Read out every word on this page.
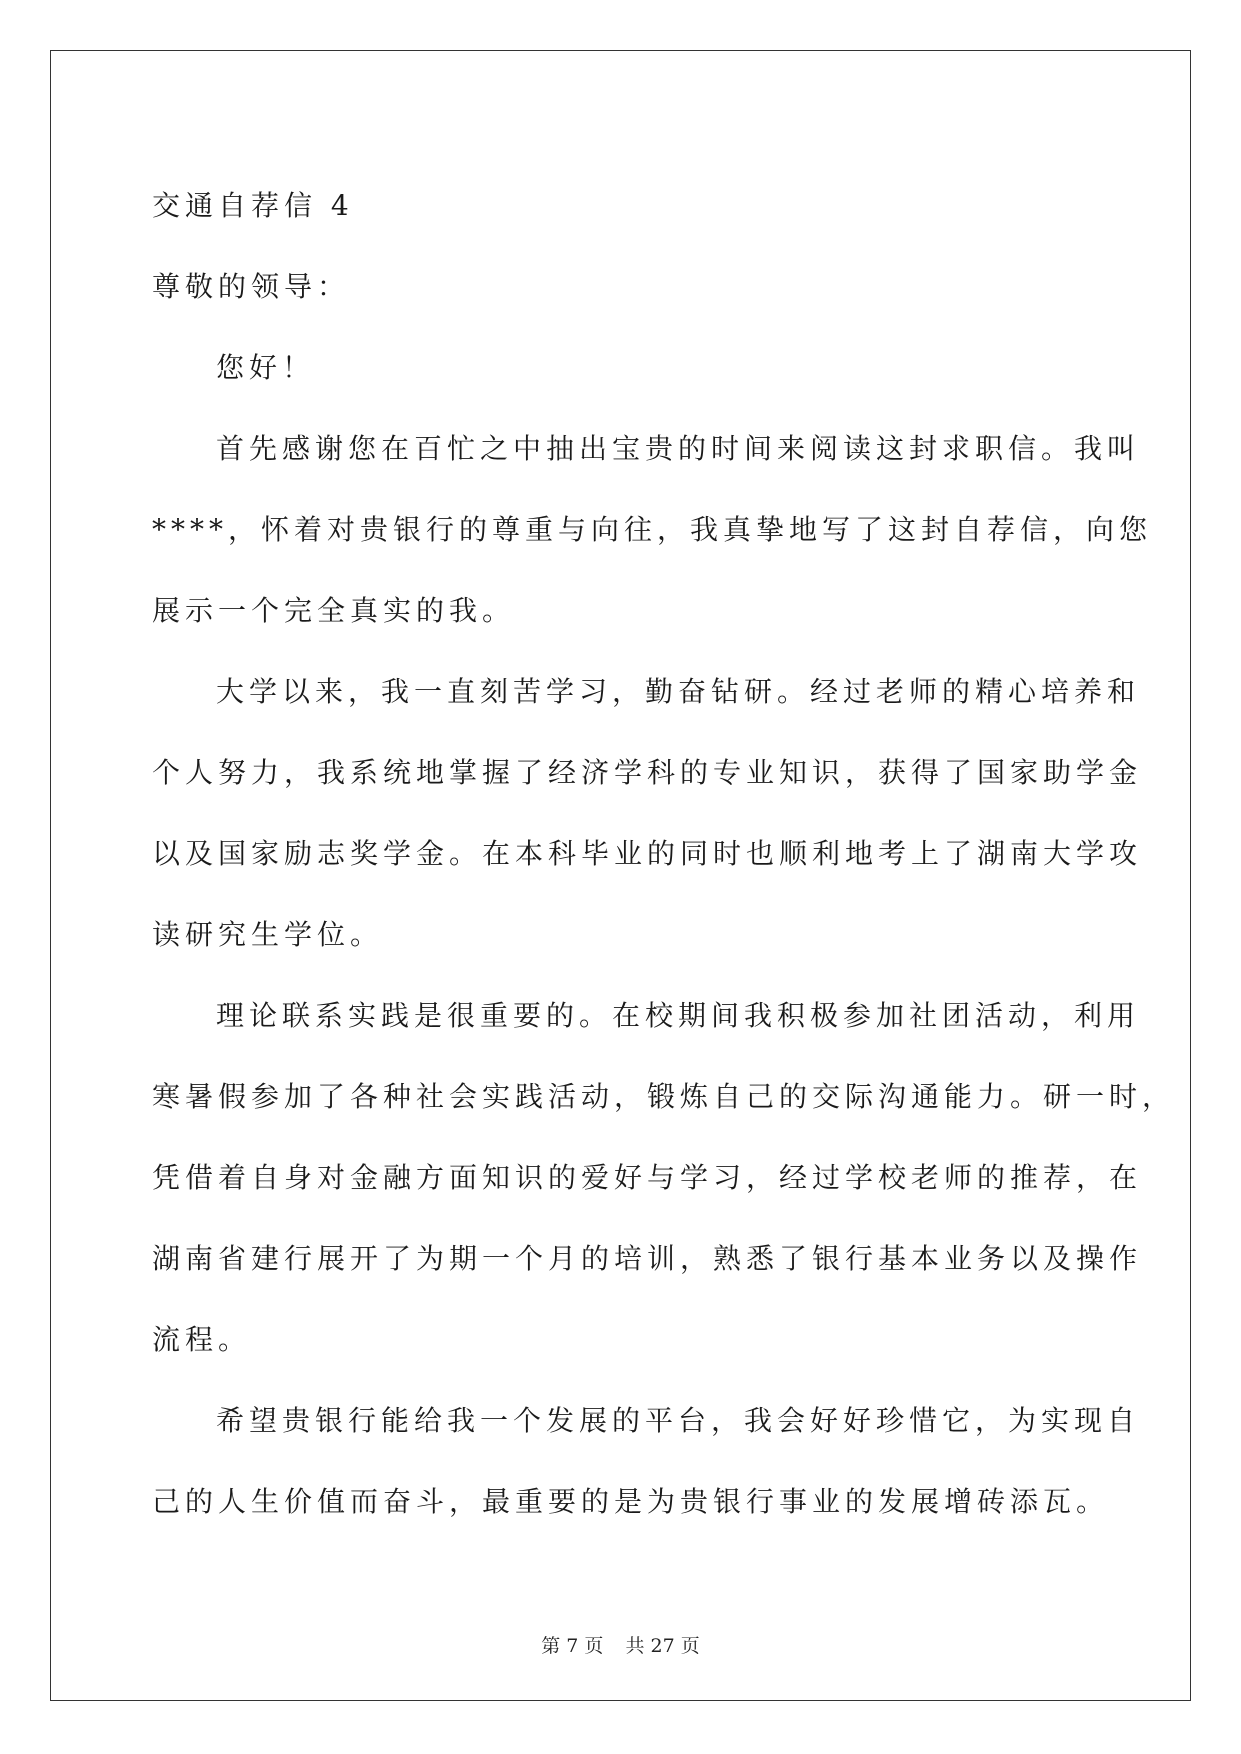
交通自荐信 4

尊敬的领导：

您好！

首先感谢您在百忙之中抽出宝贵的时间来阅读这封求职信。我叫

****，怀着对贵银行的尊重与向往，我真挚地写了这封自荐信，向您

展示一个完全真实的我。

大学以来，我一直刻苦学习，勤奋钻研。经过老师的精心培养和

个人努力，我系统地掌握了经济学科的专业知识，获得了国家助学金

以及国家励志奖学金。在本科毕业的同时也顺利地考上了湖南大学攻

读研究生学位。

理论联系实践是很重要的。在校期间我积极参加社团活动，利用

寒暑假参加了各种社会实践活动，锻炼自己的交际沟通能力。研一时，

凭借着自身对金融方面知识的爱好与学习，经过学校老师的推荐，在

湖南省建行展开了为期一个月的培训，熟悉了银行基本业务以及操作

流程。

希望贵银行能给我一个发展的平台，我会好好珍惜它，为实现自

己的人生价值而奋斗，最重要的是为贵银行事业的发展增砖添瓦。

第 7 页 共 27 页
